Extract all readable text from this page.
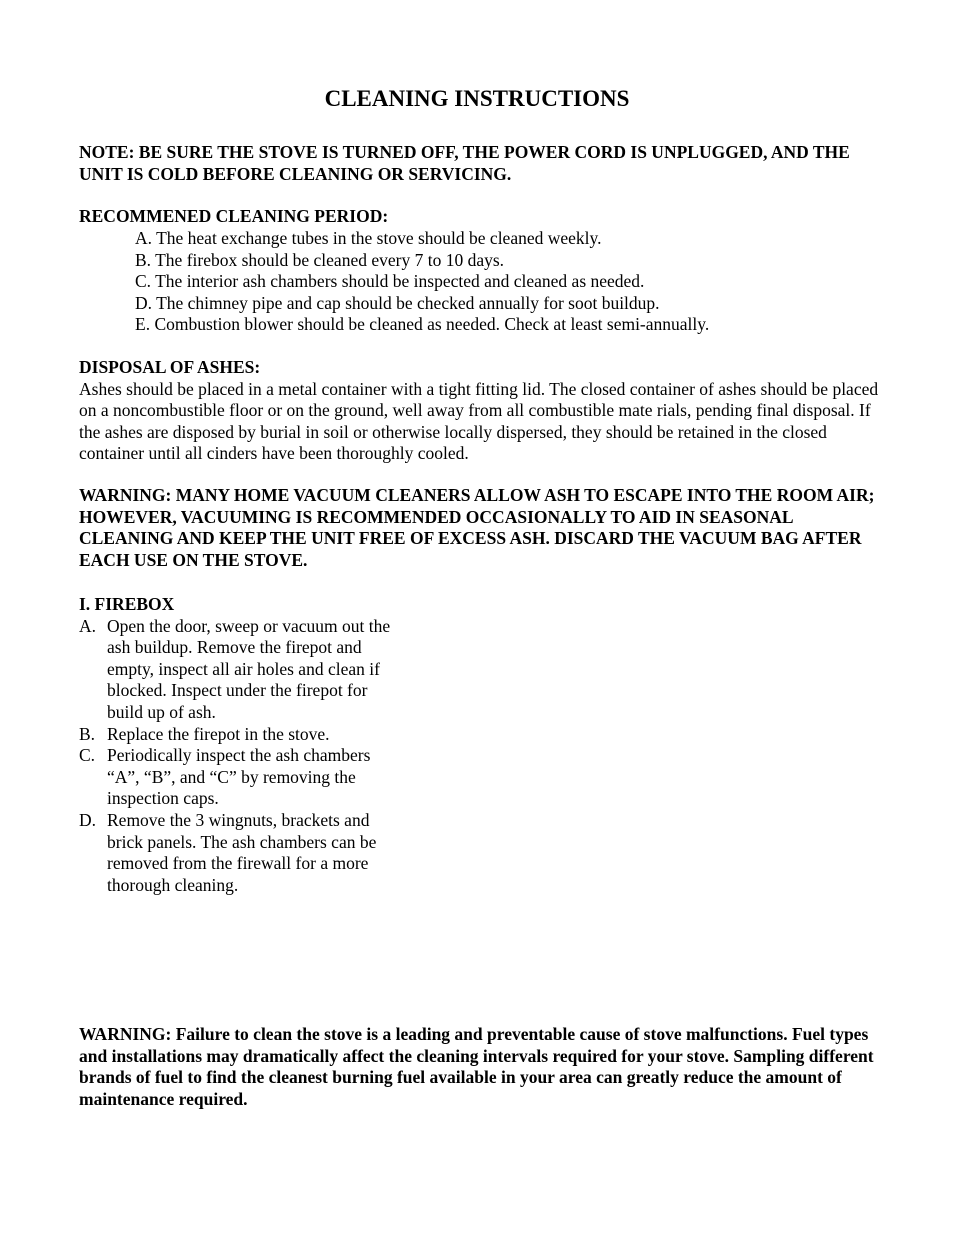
CLEANING INSTRUCTIONS

NOTE: BE SURE THE STOVE IS TURNED OFF, THE POWER CORD IS UNPLUGGED, AND THE UNIT IS COLD BEFORE CLEANING OR SERVICING.

RECOMMENED CLEANING PERIOD:

A. The heat exchange tubes in the stove should be cleaned weekly.
B. The firebox should be cleaned every 7 to 10 days.
C. The interior ash chambers should be inspected and cleaned as needed.
D. The chimney pipe and cap should be checked annually for soot buildup.
E. Combustion blower should be cleaned as needed. Check at least semi-annually.

DISPOSAL OF ASHES:

Ashes should be placed in a metal container with a tight fitting lid. The closed container of ashes should be placed on a noncombustible floor or on the ground, well away from all combustible mate rials, pending final disposal. If the ashes are disposed by burial in soil or otherwise locally dispersed, they should be retained in the closed container until all cinders have been thoroughly cooled.

WARNING: MANY HOME VACUUM CLEANERS ALLOW ASH TO ESCAPE INTO THE ROOM AIR; HOWEVER, VACUUMING IS RECOMMENDED OCCASIONALLY TO AID IN SEASONAL CLEANING AND KEEP THE UNIT FREE OF EXCESS ASH. DISCARD THE VACUUM BAG AFTER EACH USE ON THE STOVE.

I. FIREBOX

A. Open the door, sweep or vacuum out the ash buildup. Remove the firepot and empty, inspect all air holes and clean if blocked. Inspect under the firepot for build up of ash.
B. Replace the firepot in the stove.
C. Periodically inspect the ash chambers “A”, “B”, and “C” by removing the inspection caps.
D. Remove the 3 wingnuts, brackets and brick panels. The ash chambers can be removed from the firewall for a more thorough cleaning.

WARNING: Failure to clean the stove is a leading and preventable cause of stove malfunctions. Fuel types and installations may dramatically affect the cleaning intervals required for your stove. Sampling different brands of fuel to find the cleanest burning fuel available in your area can greatly reduce the amount of maintenance required.
